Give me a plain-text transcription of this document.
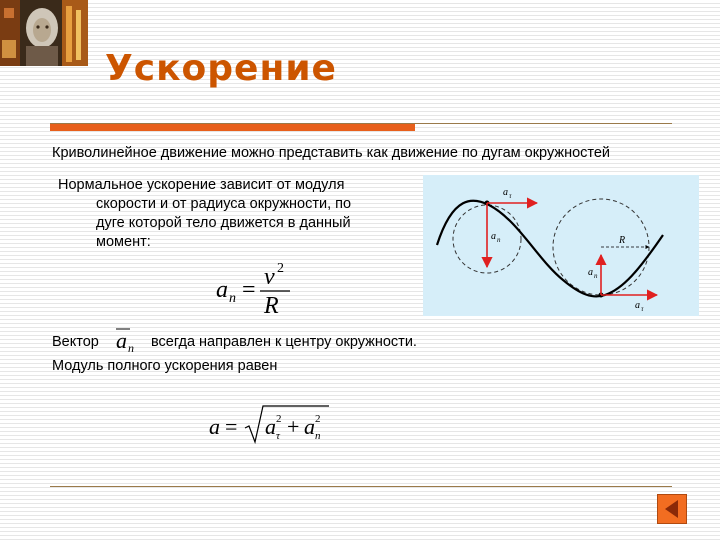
Ускорение
Криволинейное движение можно представить как движение по дугам окружностей
Нормальное ускорение зависит от модуля
скорости и от радиуса окружности, по
дуге которой тело движется в данный
момент:
a n = v 2
R
a τ
a n	R
a n
a τ
Вектор a n всегда направлен к центру окружности.
Модуль полного ускорения равен
a = a τ
2 + a n
2
